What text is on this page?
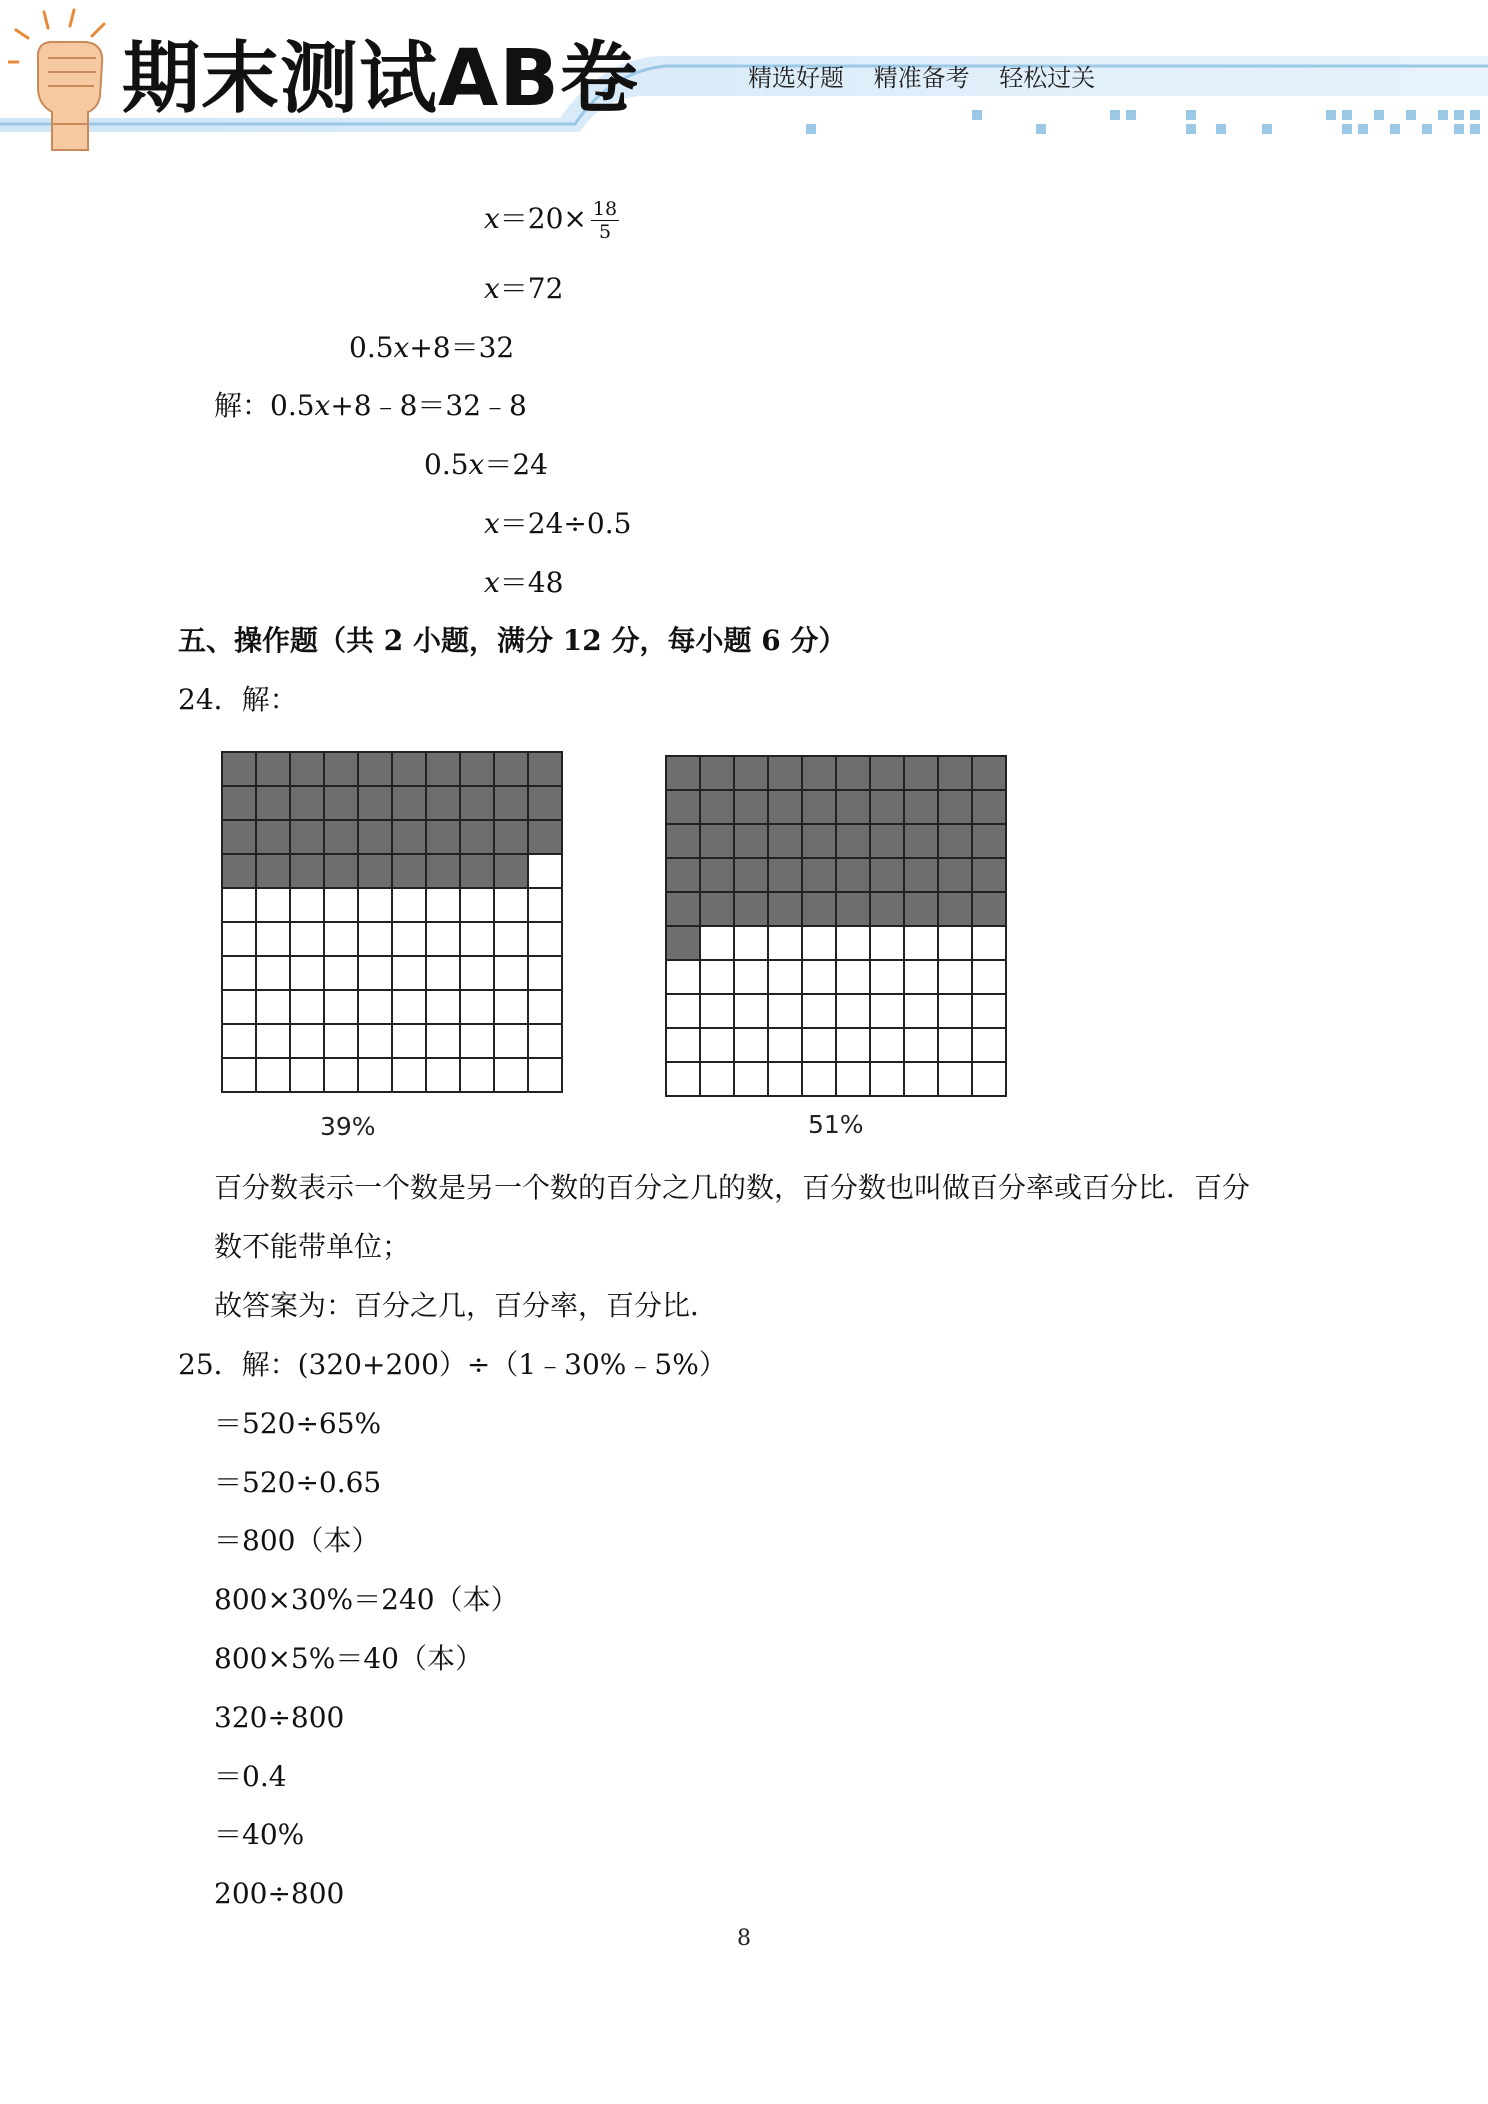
期末测试AB卷	精选好题 精准备考 轻松过关
$x=20\times \frac{18}{5}$
x＝72
0.5x+8＝32
解：0.5x+8﹣8＝32﹣8
0.5x＝24
x＝24÷0.5
x＝48
五、操作题（共 2 小题，满分 12 分，每小题 6 分）
24．解：
39%	51%
百分数表示一个数是另一个数的百分之几的数，百分数也叫做百分率或百分比．百分
数不能带单位；
故答案为：百分之几，百分率，百分比．
25．解：(320+200）÷（1﹣30%﹣5%）
＝520÷65%
＝520÷0.65
＝800（本）
800×30%＝240（本）
800×5%＝40（本）
320÷800
＝0.4
＝40%
200÷800
8
